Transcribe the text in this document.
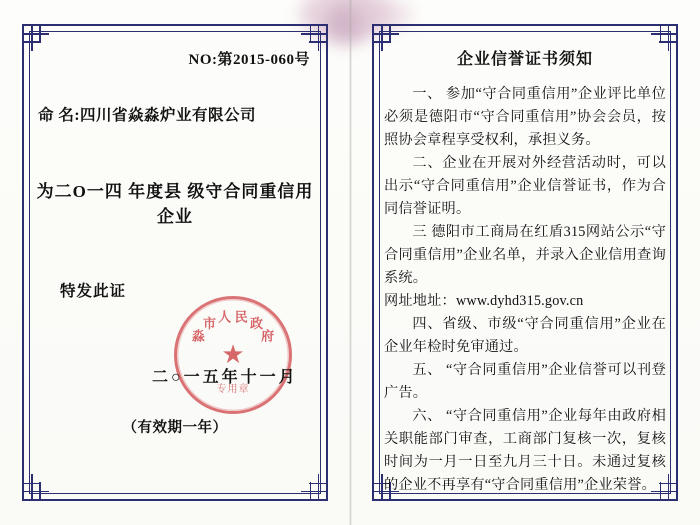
NO:第2015-060号
命 名:四川省焱淼炉业有限公司
为二O一四 年度县 级守合同重信用企业
特发此证
★
淼
市 人 民 政
府
专用章
二○一五年十一月
（有效期一年）
企业信誉证书须知

一、 参加“守合同重信用”企业评比单位必须是德阳市“守合同重信用”协会会员，按照协会章程享受权利，承担义务。

二、企业在开展对外经营活动时，可以出示“守合同重信用”企业信誉证书，作为合同信誉证明。

三 德阳市工商局在红盾315网站公示“守合同重信用”企业名单，并录入企业信用查询系统。

网址地址：www.dyhd315.gov.cn

四、省级、市级“守合同重信用”企业在企业年检时免审通过。

五、 “守合同重信用”企业信誉可以刊登广告。

六、 “守合同重信用”企业每年由政府相关职能部门审查，工商部门复核一次，复核时间为一月一日至九月三十日。未通过复核的企业不再享有“守合同重信用”企业荣誉。
